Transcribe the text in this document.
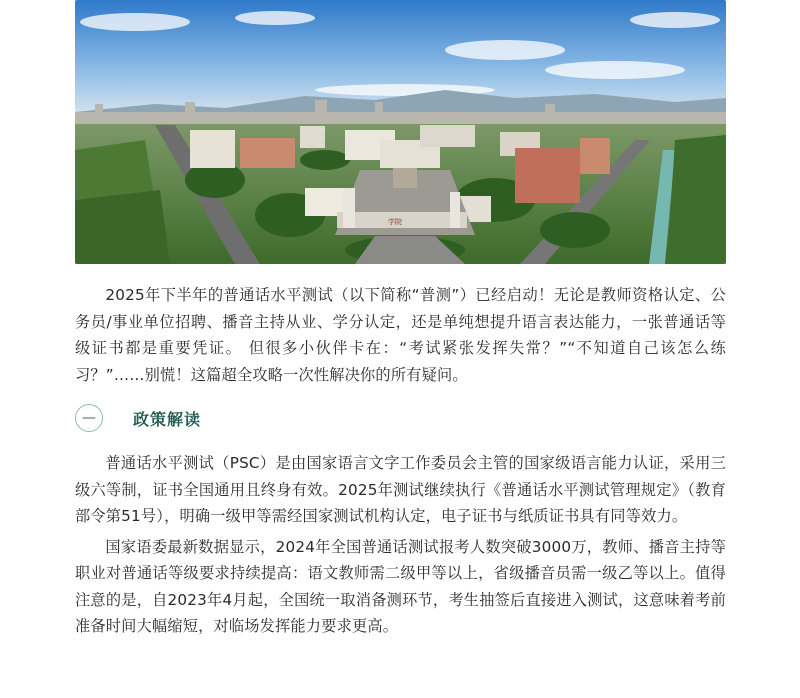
学院

2025年下半年的普通话水平测试（以下简称“普测”）已经启动！无论是教师资格认定、公务员/事业单位招聘、播音主持从业、学分认定，还是单纯想提升语言表达能力，一张普通话等级证书都是重要凭证。 但很多小伙伴卡在：“考试紧张发挥失常？”“不知道自己该怎么练习？”……别慌！这篇超全攻略一次性解决你的所有疑问。

—	政策解读

普通话水平测试（PSC）是由国家语言文字工作委员会主管的国家级语言能力认证，采用三级六等制，证书全国通用且终身有效。2025年测试继续执行《普通话水平测试管理规定》（教育部令第51号），明确一级甲等需经国家测试机构认定，电子证书与纸质证书具有同等效力。

国家语委最新数据显示，2024年全国普通话测试报考人数突破3000万，教师、播音主持等职业对普通话等级要求持续提高：语文教师需二级甲等以上，省级播音员需一级乙等以上。值得注意的是，自2023年4月起，全国统一取消备测环节，考生抽签后直接进入测试，这意味着考前准备时间大幅缩短，对临场发挥能力要求更高。
